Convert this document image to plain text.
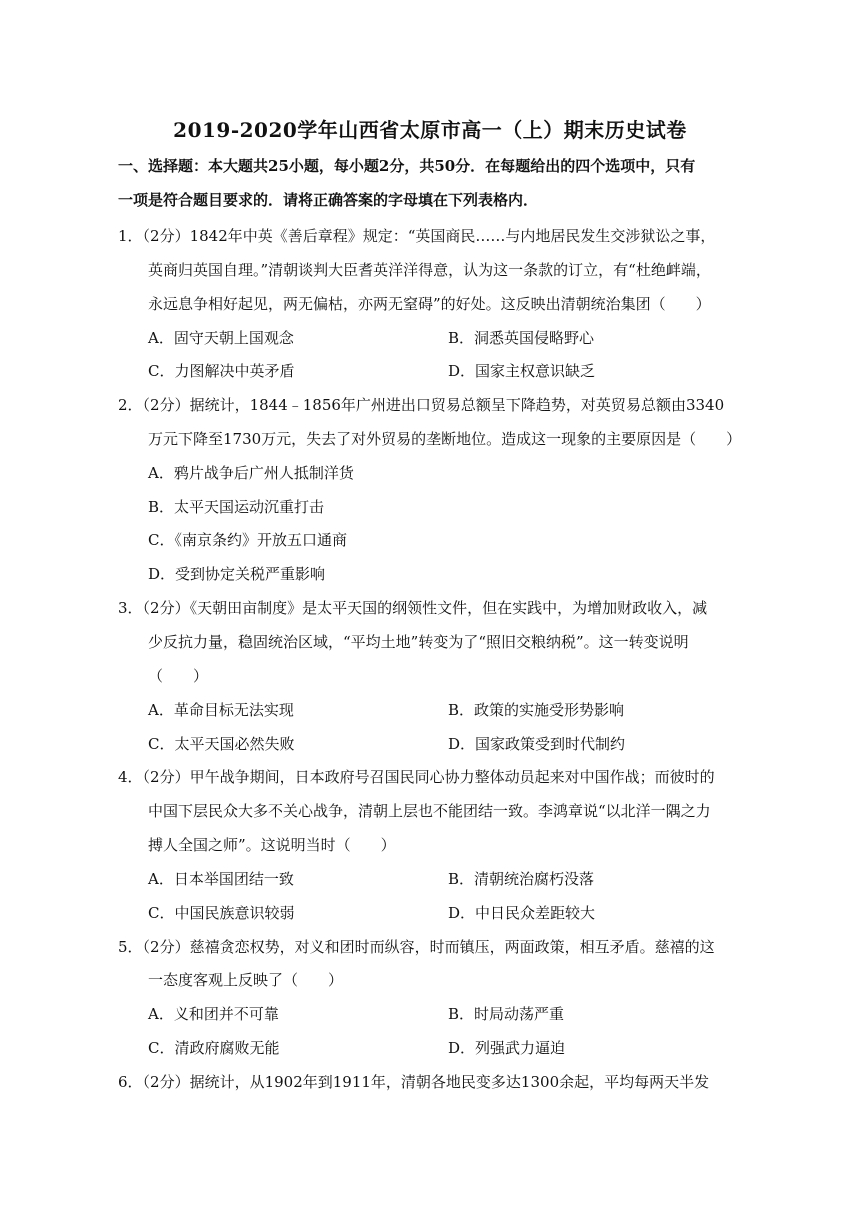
2019-2020学年山西省太原市高一（上）期末历史试卷
一、选择题：本大题共25小题，每小题2分，共50分．在每题给出的四个选项中，只有
一项是符合题目要求的．请将正确答案的字母填在下列表格内．
1．（2分）1842年中英《善后章程》规定：“英国商民……与内地居民发生交涉狱讼之事，
英商归英国自理。”清朝谈判大臣耆英洋洋得意，认为这一条款的订立，有“杜绝衅端，
永远息争相好起见，两无偏枯，亦两无窒碍”的好处。这反映出清朝统治集团（　　）
A．固守天朝上国观念	B．洞悉英国侵略野心
C．力图解决中英矛盾	D．国家主权意识缺乏
2．（2分）据统计，1844﹣1856年广州进出口贸易总额呈下降趋势，对英贸易总额由3340
万元下降至1730万元，失去了对外贸易的垄断地位。造成这一现象的主要原因是（　　）
A．鸦片战争后广州人抵制洋货
B．太平天国运动沉重打击
C．《南京条约》开放五口通商
D．受到协定关税严重影响
3．（2分）《天朝田亩制度》是太平天国的纲领性文件，但在实践中，为增加财政收入，减
少反抗力量，稳固统治区域，“平均土地”转变为了“照旧交粮纳税”。这一转变说明
（　　）
A．革命目标无法实现	B．政策的实施受形势影响
C．太平天国必然失败	D．国家政策受到时代制约
4．（2分）甲午战争期间，日本政府号召国民同心协力整体动员起来对中国作战；而彼时的
中国下层民众大多不关心战争，清朝上层也不能团结一致。李鸿章说“以北洋一隅之力
搏人全国之师”。这说明当时（　　）
A．日本举国团结一致	B．清朝统治腐朽没落
C．中国民族意识较弱	D．中日民众差距较大
5．（2分）慈禧贪恋权势，对义和团时而纵容，时而镇压，两面政策，相互矛盾。慈禧的这
一态度客观上反映了（　　）
A．义和团并不可靠	B．时局动荡严重
C．清政府腐败无能	D．列强武力逼迫
6．（2分）据统计，从1902年到1911年，清朝各地民变多达1300余起，平均每两天半发
